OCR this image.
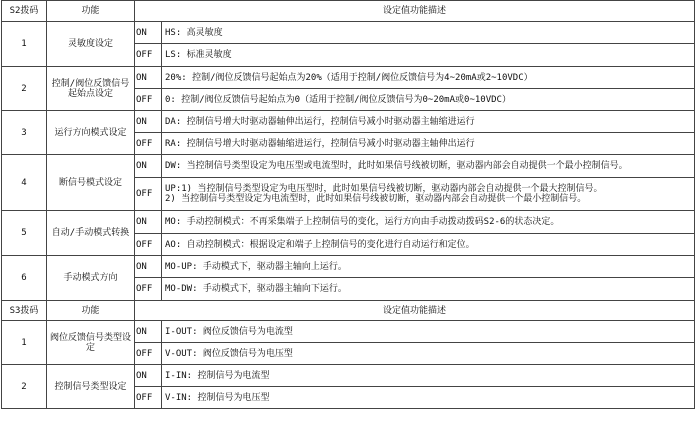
S2拨码	功能	设定值功能描述	
1	灵敏度设定	ON	HS: 高灵敏度
		OFF	LS: 标准灵敏度
2	控制/阀位反馈信号起始点设定	ON	20%: 控制/阀位反馈信号起始点为20%（适用于控制/阀位反馈信号为4~20mA或2~10VDC）
		OFF	0: 控制/阀位反馈信号起始点为0（适用于控制/阀位反馈信号为0~20mA或0~10VDC）
3	运行方向模式设定	ON	DA: 控制信号增大时驱动器轴伸出运行，控制信号减小时驱动器主轴缩进运行
		OFF	RA: 控制信号增大时驱动器轴缩进运行，控制信号减小时驱动器主轴伸出运行
4	断信号模式设定	ON	DW: 当控制信号类型设定为电压型或电流型时，此时如果信号线被切断，驱动器内部会自动提供一个最小控制信号。
		OFF	UP:1) 当控制信号类型设定为电压型时，此时如果信号线被切断，驱动器内部会自动提供一个最大控制信号。
2) 当控制信号类型设定为电流型时，此时如果信号线被切断，驱动器内部会自动提供一个最小控制信号。

5	自动/手动模式转换	ON	MO: 手动控制模式：不再采集端子上控制信号的变化，运行方向由手动拨动拨码S2-6的状态决定。
		OFF	AO: 自动控制模式：根据设定和端子上控制信号的变化进行自动运行和定位。
6	手动模式方向	ON	MO-UP: 手动模式下，驱动器主轴向上运行。
		OFF	MO-DW: 手动模式下，驱动器主轴向下运行。
S3拨码	功能	设定值功能描述	
1	阀位反馈信号类型设定	ON	I-OUT: 阀位反馈信号为电流型
		OFF	V-OUT: 阀位反馈信号为电压型
2	控制信号类型设定	ON	I-IN: 控制信号为电流型
		OFF	V-IN: 控制信号为电压型
